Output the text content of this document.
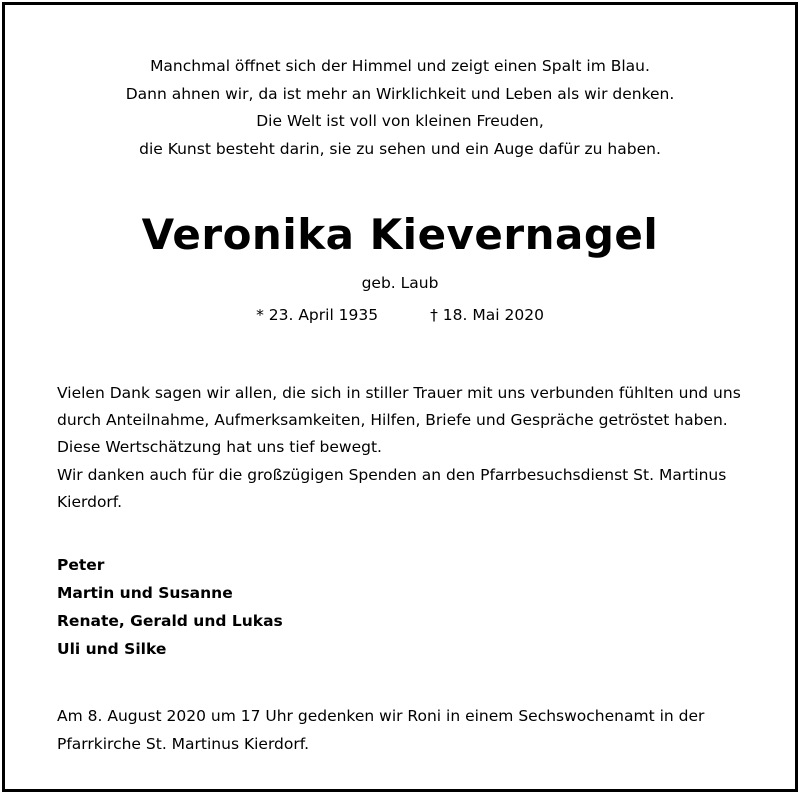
Manchmal öffnet sich der Himmel und zeigt einen Spalt im Blau.
Dann ahnen wir, da ist mehr an Wirklichkeit und Leben als wir denken.
Die Welt ist voll von kleinen Freuden,
die Kunst besteht darin, sie zu sehen und ein Auge dafür zu haben.
Veronika Kievernagel
geb. Laub
* 23. April 1935	† 18. Mai 2020
Vielen Dank sagen wir allen, die sich in stiller Trauer mit uns verbunden fühlten und uns
durch Anteilnahme, Aufmerksamkeiten, Hilfen, Briefe und Gespräche getröstet haben.
Diese Wertschätzung hat uns tief bewegt.
Wir danken auch für die großzügigen Spenden an den Pfarrbesuchsdienst St. Martinus
Kierdorf.
Peter
Martin und Susanne
Renate, Gerald und Lukas
Uli und Silke
Am 8. August 2020 um 17 Uhr gedenken wir Roni in einem Sechswochenamt in der
Pfarrkirche St. Martinus Kierdorf.
